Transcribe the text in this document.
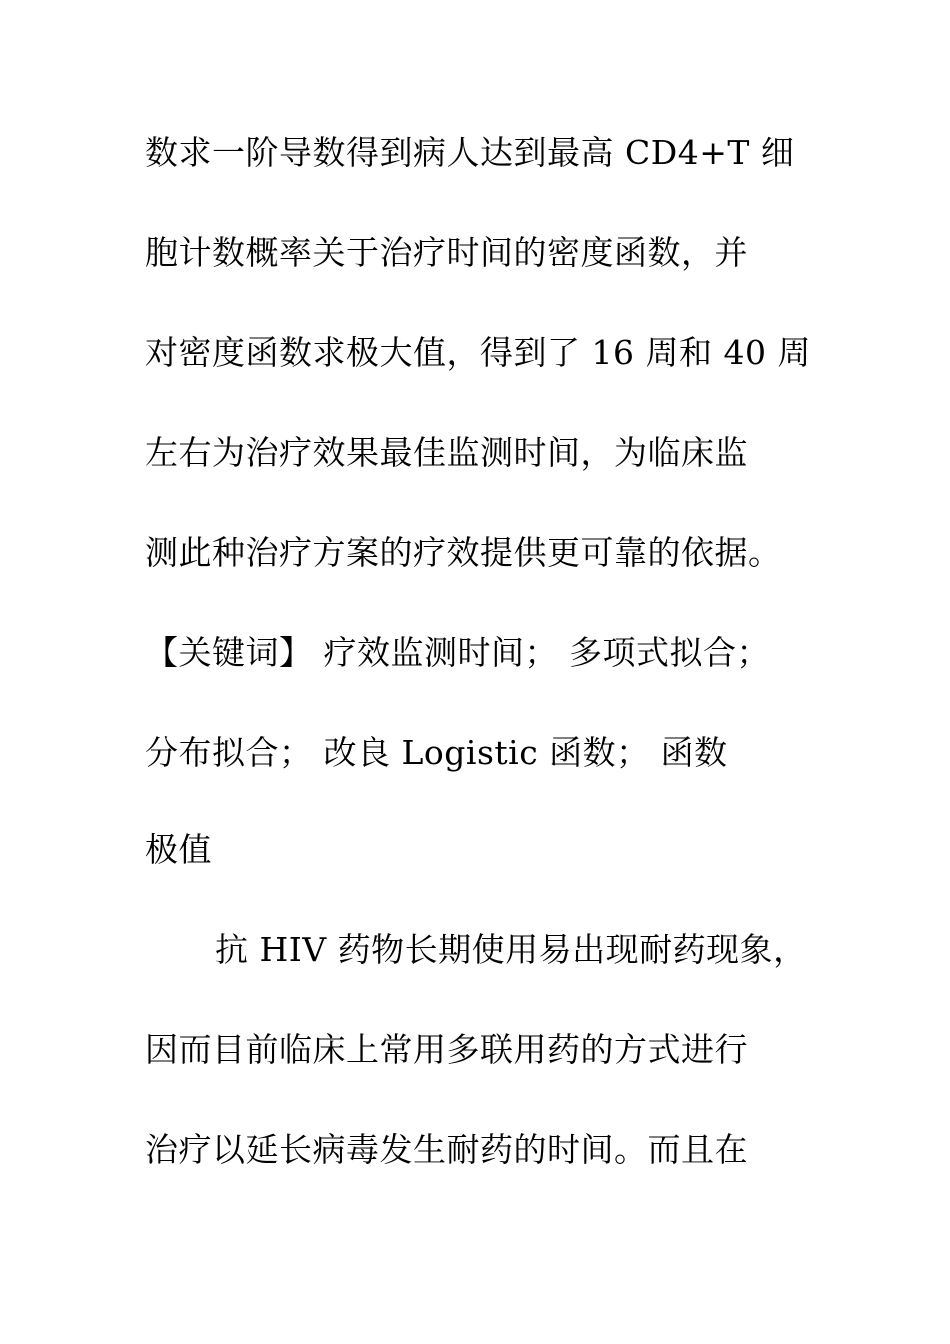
数求一阶导数得到病人达到最高 CD4+T 细
胞计数概率关于治疗时间的密度函数，并
对密度函数求极大值，得到了 16 周和 40 周
左右为治疗效果最佳监测时间，为临床监
测此种治疗方案的疗效提供更可靠的依据。
【关键词】 疗效监测时间； 多项式拟合；
分布拟合； 改良 Logistic 函数； 函数
极值
抗 HIV 药物长期使用易出现耐药现象，
因而目前临床上常用多联用药的方式进行
治疗以延长病毒发生耐药的时间。而且在
